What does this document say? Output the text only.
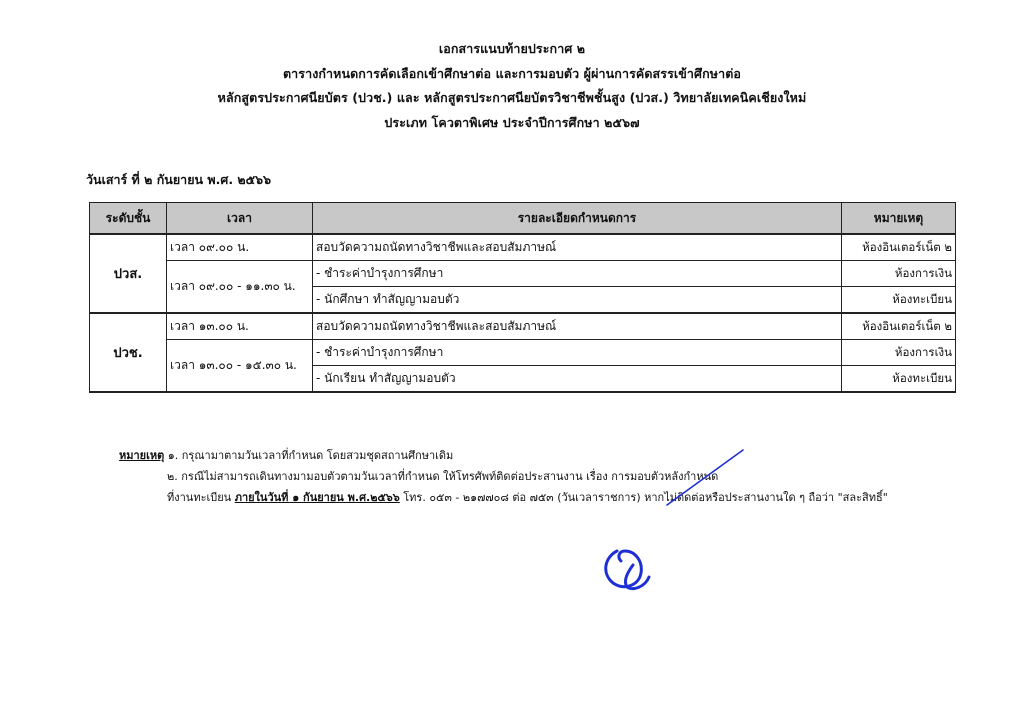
เอกสารแนบท้ายประกาศ ๒
ตารางกำหนดการคัดเลือกเข้าศึกษาต่อ และการมอบตัว ผู้ผ่านการคัดสรรเข้าศึกษาต่อ
หลักสูตรประกาศนียบัตร (ปวช.) และ หลักสูตรประกาศนียบัตรวิชาชีพชั้นสูง (ปวส.) วิทยาลัยเทคนิคเชียงใหม่
ประเภท โควตาพิเศษ ประจำปีการศึกษา ๒๕๖๗
วันเสาร์ ที่ ๒ กันยายน พ.ศ. ๒๕๖๖
ระดับชั้น	เวลา	รายละเอียดกำหนดการ	หมายเหตุ
ปวส.	เวลา ๐๙.๐๐ น.	สอบวัดความถนัดทางวิชาชีพและสอบสัมภาษณ์	ห้องอินเตอร์เน็ต ๒
	เวลา ๐๙.๐๐ - ๑๑.๓๐ น.	- ชำระค่าบำรุงการศึกษา	ห้องการเงิน
		- นักศึกษา ทำสัญญามอบตัว	ห้องทะเบียน
ปวช.	เวลา ๑๓.๐๐ น.	สอบวัดความถนัดทางวิชาชีพและสอบสัมภาษณ์	ห้องอินเตอร์เน็ต ๒
	เวลา ๑๓.๐๐ - ๑๕.๓๐ น.	- ชำระค่าบำรุงการศึกษา	ห้องการเงิน
		- นักเรียน ทำสัญญามอบตัว	ห้องทะเบียน
หมายเหตุ ๑. กรุณามาตามวันเวลาที่กำหนด โดยสวมชุดสถานศึกษาเดิม
๒. กรณีไม่สามารถเดินทางมามอบตัวตามวันเวลาที่กำหนด ให้โทรศัพท์ติดต่อประสานงาน เรื่อง การมอบตัวหลังกำหนด
ที่งานทะเบียน ภายในวันที่ ๑ กันยายน พ.ศ.๒๕๖๖ โทร. ๐๕๓ - ๒๑๗๗๐๘ ต่อ ๗๕๓ (วันเวลาราชการ) หากไม่ติดต่อหรือประสานงานใด ๆ ถือว่า "สละสิทธิ์"
